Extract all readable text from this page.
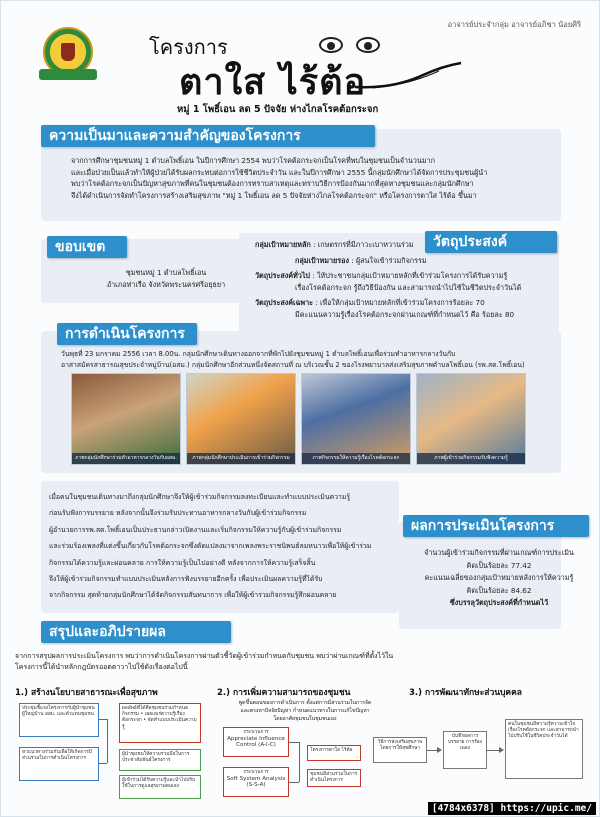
อาจารย์ประจำกลุ่ม อาจารย์อภิชา น้อยศิริ
โครงการ
ตาใส ไร้ต้อ
หมู่ 1 โพธิ์เอน ลด 5 ปัจจัย ห่างไกลโรคต้อกระจก
ความเป็นมาและความสำคัญของโครงการ
จากการศึกษาชุมชนหมู่ 1 ตำบลโพธิ์เอน ในปีการศึกษา 2554 พบว่าโรคต้อกระจกเป็นโรคที่พบในชุมชนเป็นจำนวนมาก
และเมื่อป่วยเป็นแล้วทำให้ผู้ป่วยได้รับผลกระทบต่อการใช้ชีวิตประจำวัน และในปีการศึกษา 2555 นี้กลุ่มนักศึกษาได้จัดการประชุมชนผู้นำ
พบว่าโรคต้อกระจกเป็นปัญหาสุขภาพที่คนในชุมชนต้องการทราบสาเหตุและทราบวิธีการป้องกันมากที่สุดทางชุมชนและกลุ่มนักศึกษา
จึงได้ดำเนินการจัดทำโครงการสร้างเสริมสุขภาพ "หมู่ 1 โพธิ์เอน ลด 5 ปัจจัยห่างไกลโรคต้อกระจก" หรือโครงการตาใส ไร้ต้อ ขึ้นมา
ขอบเขต
ชุมชนหมู่ 1 ตำบลโพธิ์เอน
อำเภอท่าเรือ จังหวัดพระนครศรีอยุธยา
วัตถุประสงค์
กลุ่มเป้าหมายหลัก : เกษตรกรที่มีภาวะเบาหวานร่วม
กลุ่มเป้าหมายรอง : ผู้สนใจเข้าร่วมกิจกรรม
วัตถุประสงค์ทั่วไป : ให้ประชาชนกลุ่มเป้าหมายหลักที่เข้าร่วมโครงการได้รับความรู้
เรื่องโรคต้อกระจก รู้ถึงวิธีป้องกัน และสามารถนำไปใช้ในชีวิตประจำวันได้
วัตถุประสงค์เฉพาะ : เพื่อให้กลุ่มเป้าหมายหลักที่เข้าร่วมโครงการร้อยละ 70
มีคะแนนความรู้เรื่องโรคต้อกระจกผ่านเกณฑ์ที่กำหนดไว้ คือ ร้อยละ 80
การดำเนินโครงการ
วันพุธที่ 23 มกราคม 2556 เวลา 8.00น. กลุ่มนักศึกษาเดินทางออกจากที่พักไปยังชุมชนหมู่ 1 ตำบลโพธิ์เอนเพื่อร่วมทำอาหารกลางวันกับ
อาสาสมัครสาธารณสุขประจำหมู่บ้าน(อสม.) กลุ่มนักศึกษาอีกส่วนหนึ่งจัดสถานที่ ณ บริเวณชั้น 2 ของโรงพยาบาลส่งเสริมสุขภาพตำบลโพธิ์เอน (รพ.สต.โพธิ์เอน)
ภาพกลุ่มนักศึกษาร่วมทำอาหารกลางวันกับอสม.	ภาพกลุ่มนักศึกษาประเมินการเข้าร่วมกิจกรรม	ภาพกิจกรรมให้ความรู้เรื่องโรคต้อกระจก	ภาพผู้เข้าร่วมกิจกรรมรับฟังความรู้
เมื่อคนในชุมชนเดินทางมาถึงกลุ่มนักศึกษาจึงให้ผู้เข้าร่วมกิจกรรมลงทะเบียนและทำแบบประเมินความรู้
ก่อนรับฟังการบรรยาย หลังจากนั้นจึงร่วมรับประทานอาหารกลางวันกับผู้เข้าร่วมกิจกรรม
ผู้อำนวยการรพ.สต.โพธิ์เอนเป็นประธานกล่าวเปิดงานและเริ่มกิจกรรมให้ความรู้กับผู้เข้าร่วมกิจกรรม
และร่วมร้องเพลงที่แต่งขึ้นเกี่ยวกับโรคต้อกระจกซึ่งดัดแปลงมาจากเพลงพระราชนิพนธ์ลมหนาวเพื่อให้ผู้เข้าร่วม
กิจกรรมได้ความรู้และผ่อนคลาย การให้ความรู้เป็นไปอย่างดี หลังจากการให้ความรู้เสร็จสิ้น
จึงให้ผู้เข้าร่วมกิจกรรมทำแบบประเมินหลังการฟังบรรยายอีกครั้ง เพื่อประเมินผลความรู้ที่ได้รับ
จากกิจกรรม สุดท้ายกลุ่มนักศึกษาได้จัดกิจกรรมสันทนาการ เพื่อให้ผู้เข้าร่วมกิจกรรมรู้สึกผ่อนคลาย
ผลการประเมินโครงการ
จำนวนผู้เข้าร่วมกิจกรรมที่ผ่านเกณฑ์การประเมิน
คิดเป็นร้อยละ 77.42
คะแนนเฉลี่ยของกลุ่มเป้าหมายหลังการให้ความรู้
คิดเป็นร้อยละ 84.62
ซึ่งบรรลุวัตถุประสงค์ที่กำหนดไว้
สรุปและอภิปรายผล
จากการสรุปผลการประเมินโครงการ พบว่าการดำเนินโครงการผ่านตัวชี้วัดผู้เข้าร่วมกำหนดกับชุมชน พบว่าผ่านเกณฑ์ที่ตั้งไว้ใน
โครงการนี้ได้นำหลักกฎบัตรออตตาวาไปใช้ดังเรื่องต่อไปนี้
1.) สร้างนโยบายสาธารณะเพื่อสุขภาพ
ประชุมชี้แจงโครงการกับผู้นำชุมชน ผู้ใหญ่บ้าน อสม. และตัวแทนชุมชน
หาแนวทางร่วมกันเพื่อให้เกิดการมีส่วนร่วมในการดำเนินโครงการ
ผลลัพธ์ที่ได้คือชุมชนร่วมกำหนดกิจกรรม • เผยแพร่ความรู้เรื่องต้อกระจก • จัดทำแบบประเมินความรู้
ผู้นำชุมชนให้ความร่วมมือในการประชาสัมพันธ์โครงการ
ผู้เข้าร่วมได้รับความรู้และนำไปปรับใช้ในการดูแลสุขภาพตนเอง
2.) การเพิ่มความสามารถของชุมชน
พูดขึ้นตอนของการดำเนินการ ตั้งแต่การมีส่วนร่วมในการจัด
และตรงหาปัจจัยปัญหา กำหนดแนวทางในการแก้ไขปัญหา
โดยอาศัยชุมชนในชุมชนเอง
กระบวนการ
Appreciate Influence Control (A-I-C)
กระบวนการ
Soft System Analysis (S-S-A)
โครงการตาใส ไร้ต้อ
ชุมชนมีส่วนร่วมในการดำเนินโครงการ
3.) การพัฒนาทักษะส่วนบุคคล
วิธีการส่งเสริมสุขภาพโดยการให้สุขศึกษา
บันทึกผลการบรรยาย การร้องเพลง
คนในชุมชนมีความรู้ความเข้าใจเรื่องโรคต้อกระจก และสามารถนำไปปรับใช้ในชีวิตประจำวันได้
[4784x6378] https://upic.me/
